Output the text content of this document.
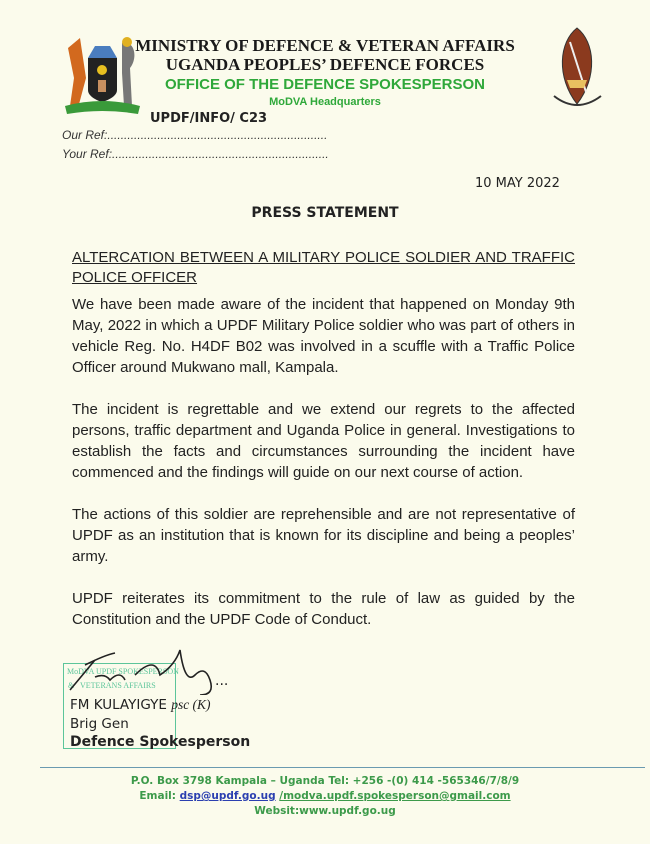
MINISTRY OF DEFENCE & VETERAN AFFAIRS
UGANDA PEOPLES’ DEFENCE FORCES
OFFICE OF THE DEFENCE SPOKESPERSON
MoDVA Headquarters
UPDF/INFO/ C23
Our Ref:..................................................................
Your Ref:.................................................................
10 MAY 2022
PRESS STATEMENT
ALTERCATION BETWEEN A MILITARY POLICE SOLDIER AND TRAFFIC POLICE OFFICER
We have been made aware of the incident that happened on Monday 9th May, 2022 in which a UPDF Military Police soldier who was part of others in vehicle Reg. No. H4DF B02 was involved in a scuffle with a Traffic Police Officer around Mukwano mall, Kampala.
The incident is regrettable and we extend our regrets to the affected persons, traffic department and Uganda Police in general. Investigations to establish the facts and circumstances surrounding the incident have commenced and the findings will guide on our next course of action.
The actions of this soldier are reprehensible and are not representative of UPDF as an institution that is known for its discipline and being a peoples’ army.
UPDF reiterates its commitment to the rule of law as guided by the Constitution and the UPDF Code of Conduct.
MoDVA UPDF SPOKESPERSON
& VETERANS AFFAIRS	...
FM KULAYIGYE psc (K)
Brig Gen
Defence Spokesperson
P.O. Box 3798 Kampala – Uganda Tel: +256 -(0) 414 -565346/7/8/9
Email: dsp@updf.go.ug /modva.updf.spokesperson@gmail.com
Websit:www.updf.go.ug
